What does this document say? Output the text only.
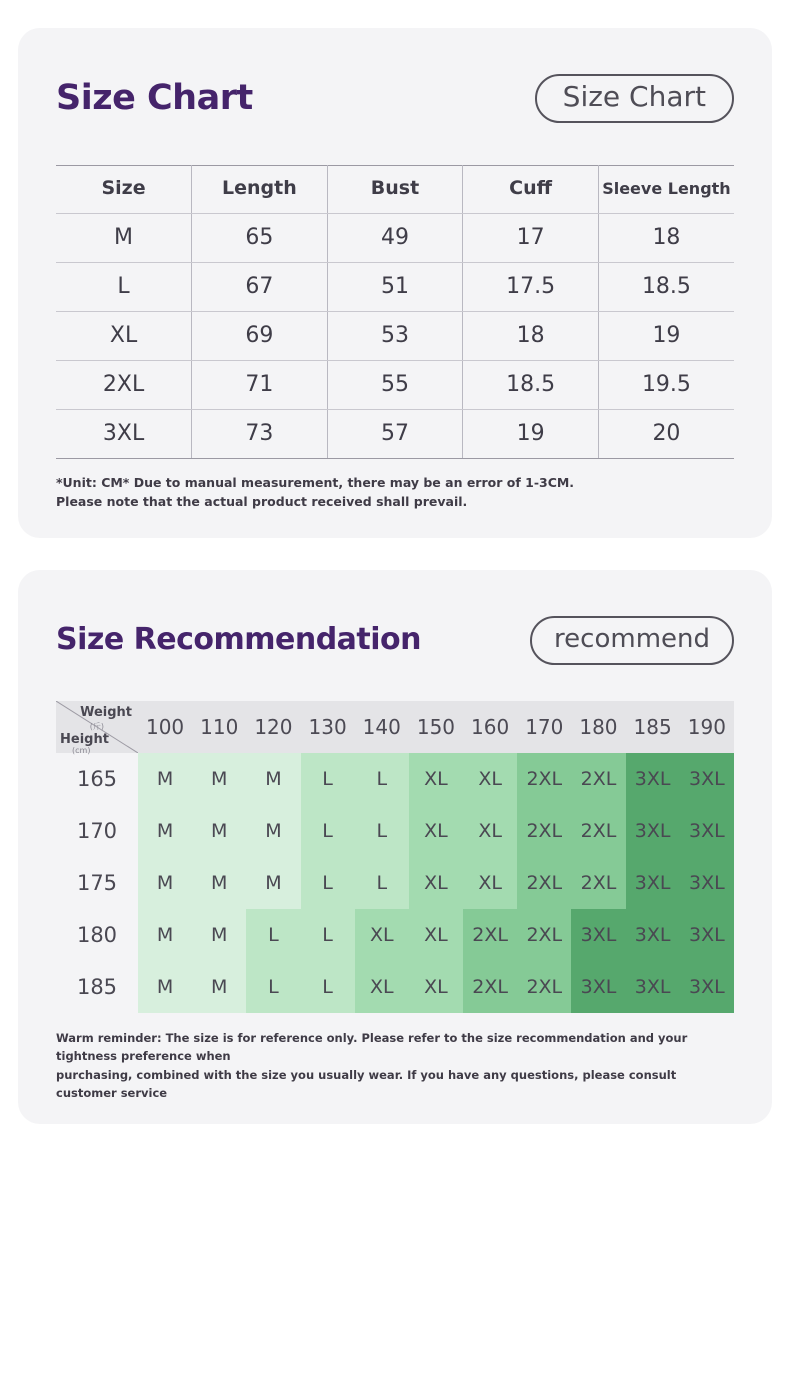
Size Chart	Size Chart
Size	Length	Bust	Cuff	Sleeve Length
M	65	49	17	18
L	67	51	17.5	18.5
XL	69	53	18	19
2XL	71	55	18.5	19.5
3XL	73	57	19	20
*Unit: CM* Due to manual measurement, there may be an error of 1-3CM.
Please note that the actual product received shall prevail.
Size Recommendation	recommend
Weight
(斤)
Height
(cm)	100	110	120	130	140	150	160	170	180	185	190
165	M	M	M	L	L	XL	XL	2XL	2XL	3XL	3XL
170	M	M	M	L	L	XL	XL	2XL	2XL	3XL	3XL
175	M	M	M	L	L	XL	XL	2XL	2XL	3XL	3XL
180	M	M	L	L	XL	XL	2XL	2XL	3XL	3XL	3XL
185	M	M	L	L	XL	XL	2XL	2XL	3XL	3XL	3XL
Warm reminder: The size is for reference only. Please refer to the size recommendation and your tightness preference when
purchasing, combined with the size you usually wear. If you have any questions, please consult customer service
